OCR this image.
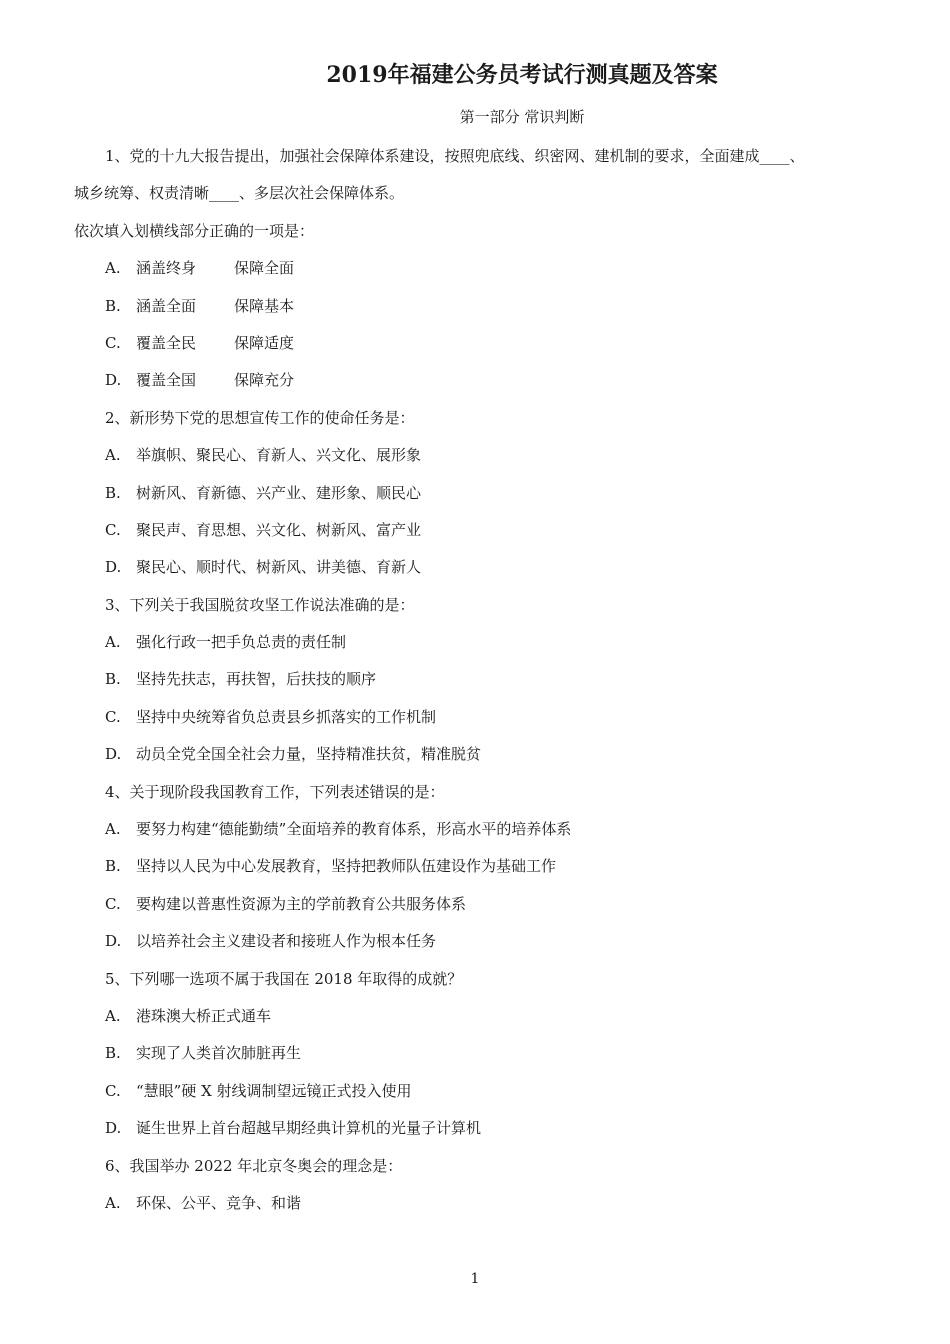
2019年福建公务员考试行测真题及答案
第一部分 常识判断
1、党的十九大报告提出，加强社会保障体系建设，按照兜底线、织密网、建机制的要求，全面建成____、
城乡统筹、权责清晰____、多层次社会保障体系。
依次填入划横线部分正确的一项是：
A. 涵盖终身	保障全面
B. 涵盖全面	保障基本
C. 覆盖全民	保障适度
D. 覆盖全国	保障充分
2、新形势下党的思想宣传工作的使命任务是：
A. 举旗帜、聚民心、育新人、兴文化、展形象
B. 树新风、育新德、兴产业、建形象、顺民心
C. 聚民声、育思想、兴文化、树新风、富产业
D. 聚民心、顺时代、树新风、讲美德、育新人
3、下列关于我国脱贫攻坚工作说法准确的是：
A. 强化行政一把手负总责的责任制
B. 坚持先扶志，再扶智，后扶技的顺序
C. 坚持中央统筹省负总责县乡抓落实的工作机制
D. 动员全党全国全社会力量，坚持精准扶贫，精准脱贫
4、关于现阶段我国教育工作，下列表述错误的是：
A. 要努力构建“德能勤绩”全面培养的教育体系，形高水平的培养体系
B. 坚持以人民为中心发展教育，坚持把教师队伍建设作为基础工作
C. 要构建以普惠性资源为主的学前教育公共服务体系
D. 以培养社会主义建设者和接班人作为根本任务
5、下列哪一选项不属于我国在 2018 年取得的成就？
A. 港珠澳大桥正式通车
B. 实现了人类首次肺脏再生
C. “慧眼”硬 X 射线调制望远镜正式投入使用
D. 诞生世界上首台超越早期经典计算机的光量子计算机
6、我国举办 2022 年北京冬奥会的理念是：
A. 环保、公平、竞争、和谐
1
